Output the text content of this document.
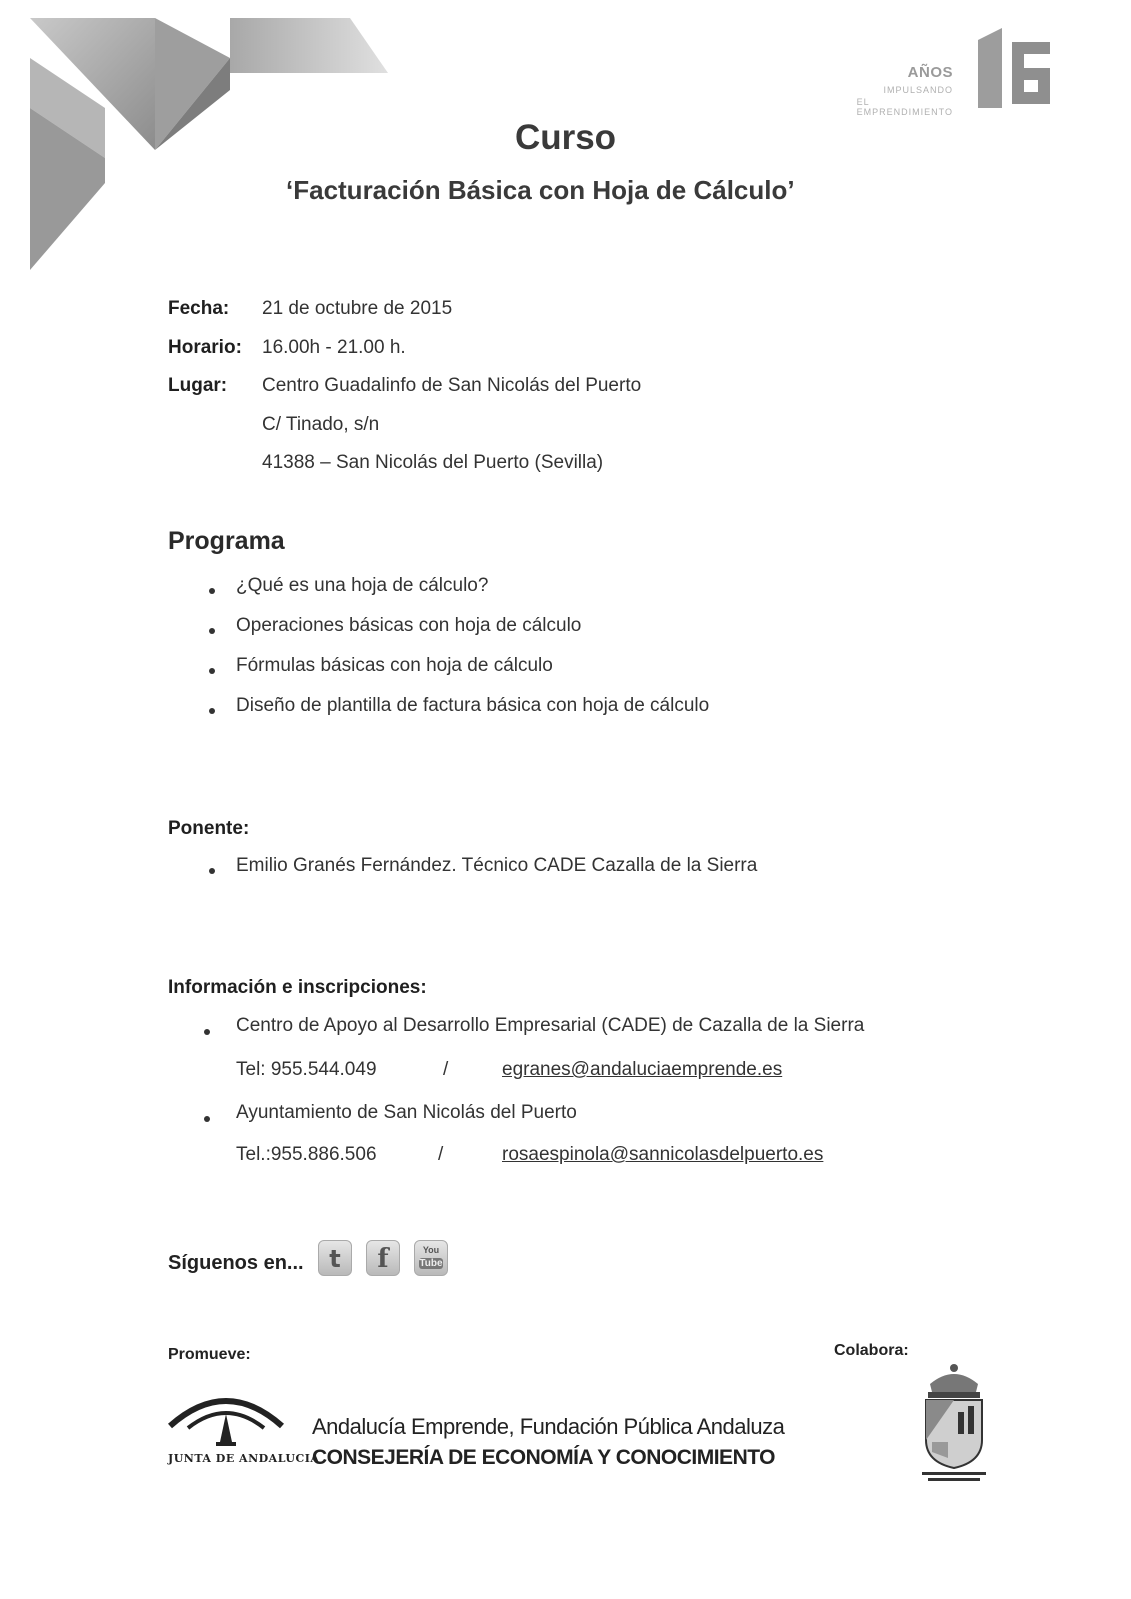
AÑOS
IMPULSANDO
EL EMPRENDIMIENTO
Curso
‘Facturación Básica con Hoja de Cálculo’
Fecha: 21 de octubre de 2015
Horario: 16.00h - 21.00 h.
Lugar: Centro Guadalinfo de San Nicolás del Puerto
C/ Tinado, s/n
41388 – San Nicolás del Puerto (Sevilla)
Programa
¿Qué es una hoja de cálculo?
Operaciones básicas con hoja de cálculo
Fórmulas básicas con hoja de cálculo
Diseño de plantilla de factura básica con hoja de cálculo
Ponente:
Emilio Granés Fernández. Técnico CADE Cazalla de la Sierra
Información e inscripciones:
Centro de Apoyo al Desarrollo Empresarial (CADE) de Cazalla de la Sierra
Tel: 955.544.049	/	egranes@andaluciaemprende.es
Ayuntamiento de San Nicolás del Puerto
Tel.:955.886.506	/	rosaespinola@sannicolasdelpuerto.es
Síguenos en...	t	f	You
Tube
Promueve:	Colabora:
JUNTA DE ANDALUCIA
Andalucía Emprende, Fundación Pública Andaluza
CONSEJERÍA DE ECONOMÍA Y CONOCIMIENTO
